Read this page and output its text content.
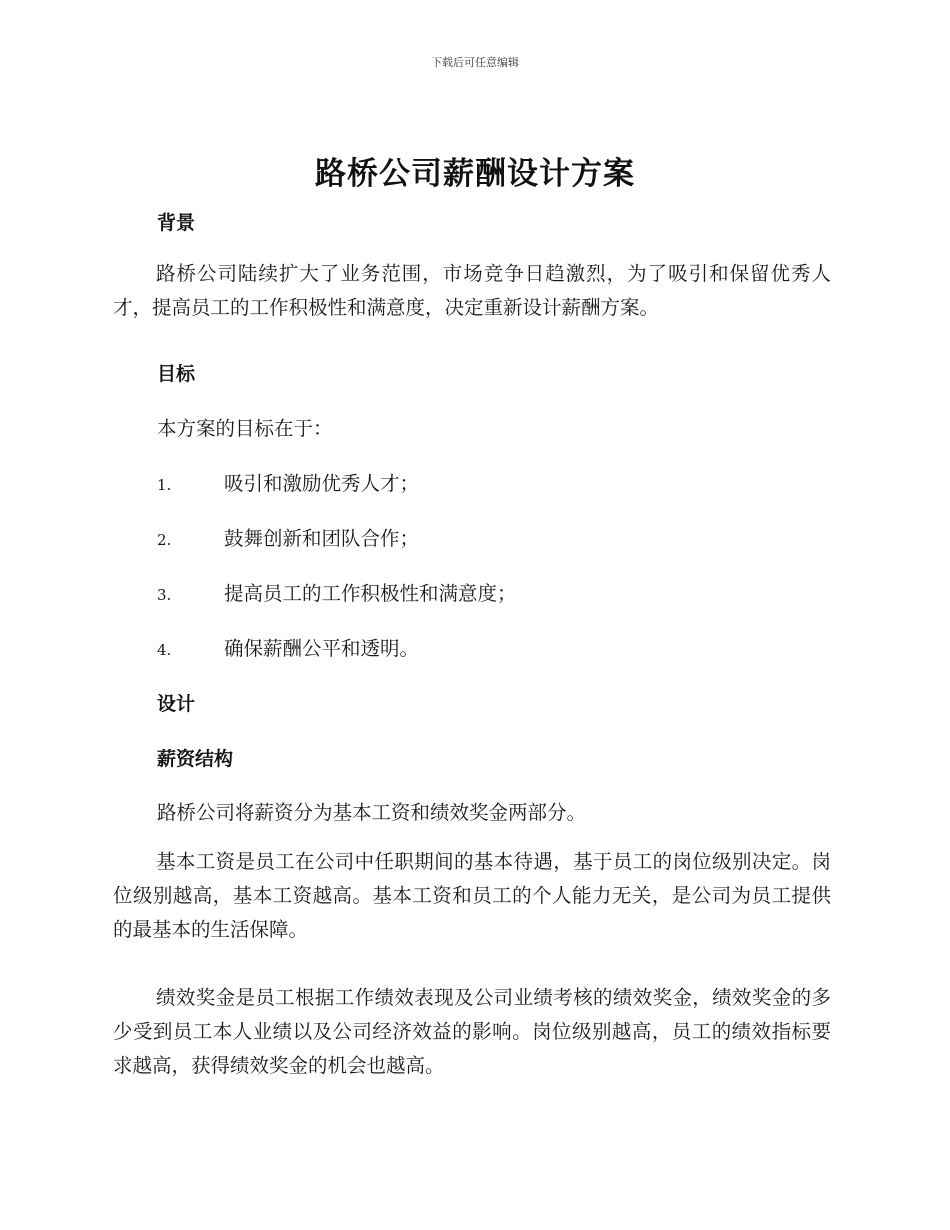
下载后可任意编辑
路桥公司薪酬设计方案
背景
路桥公司陆续扩大了业务范围，市场竞争日趋激烈，为了吸引和保留优秀人才，提高员工的工作积极性和满意度，决定重新设计薪酬方案。
目标
本方案的目标在于：
1.	吸引和激励优秀人才；
2.	鼓舞创新和团队合作；
3.	提高员工的工作积极性和满意度；
4.	确保薪酬公平和透明。
设计
薪资结构
路桥公司将薪资分为基本工资和绩效奖金两部分。
基本工资是员工在公司中任职期间的基本待遇，基于员工的岗位级别决定。岗位级别越高，基本工资越高。基本工资和员工的个人能力无关，是公司为员工提供的最基本的生活保障。
绩效奖金是员工根据工作绩效表现及公司业绩考核的绩效奖金，绩效奖金的多少受到员工本人业绩以及公司经济效益的影响。岗位级别越高，员工的绩效指标要求越高，获得绩效奖金的机会也越高。
